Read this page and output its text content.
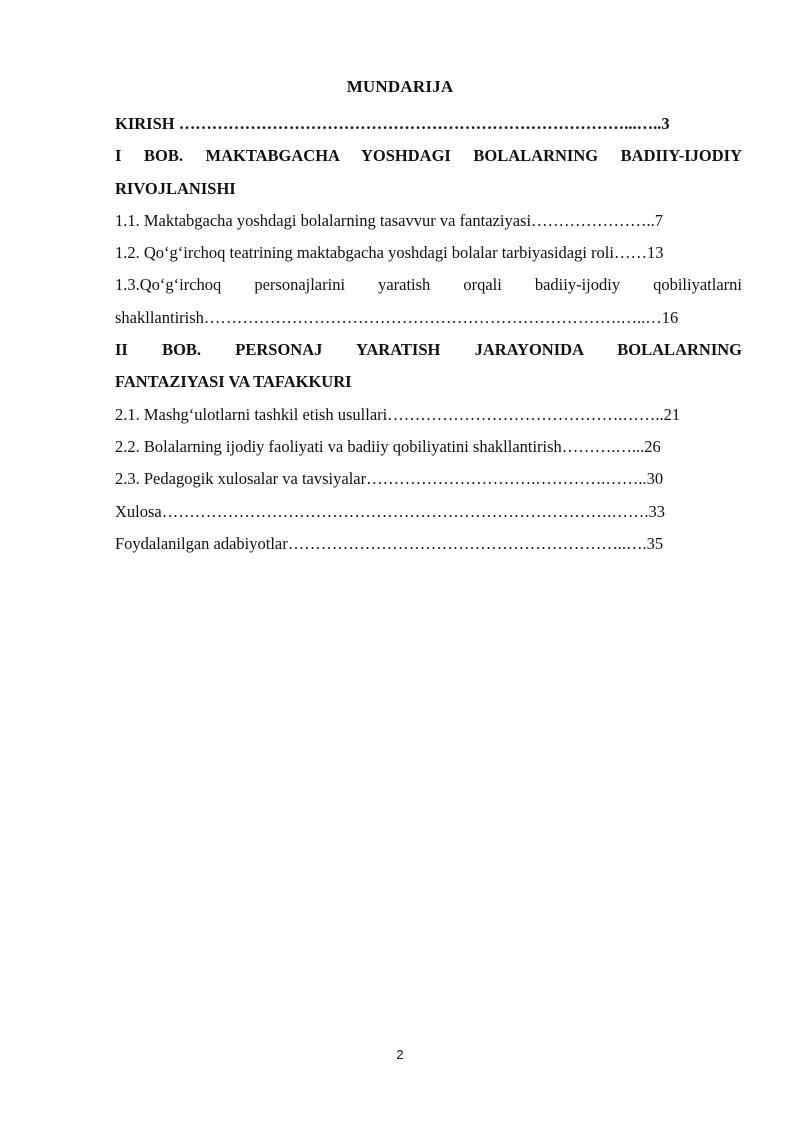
MUNDARIJA
KIRISH ………………………………………………………………………...…..3
I BOB. MAKTABGACHA YOSHDAGI BOLALARNING BADIIY-IJODIY
RIVOJLANISHI
1.1. Maktabgacha yoshdagi bolalarning tasavvur va fantaziyasi…………………..7
1.2. Qo‘g‘irchoq teatrining maktabgacha yoshdagi bolalar tarbiyasidagi roli……13
1.3.Qo‘g‘irchoq personajlarini yaratish orqali badiiy-ijodiy qobiliyatlarni
shakllantirish………………………………………………………………….…..…16
II BOB. PERSONAJ YARATISH JARAYONIDA BOLALARNING
FANTAZIYASI VA TAFAKKURI
2.1. Mashg‘ulotlarni tashkil etish usullari…………………………………….……..21
2.2. Bolalarning ijodiy faoliyati va badiiy qobiliyatini shakllantirish……….…...26
2.3. Pedagogik xulosalar va tavsiyalar………………………….………….……..30
Xulosa……………………………………………………………………….…….33
Foydalanilgan adabiyotlar……………………………………………………..….35
2
